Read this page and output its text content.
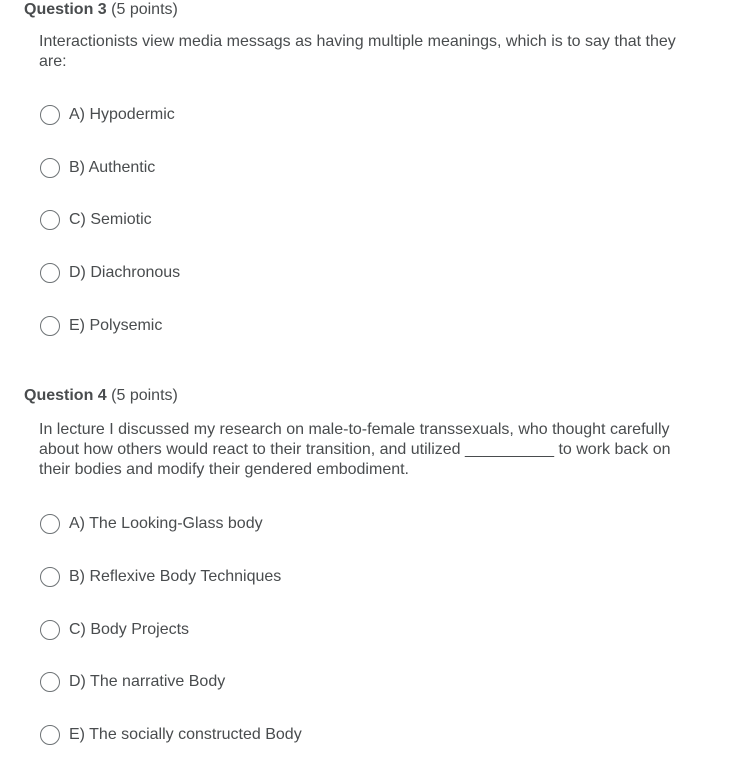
Question 3 (5 points)
Interactionists view media messags as having multiple meanings, which is to say that they are:
A) Hypodermic
B) Authentic
C) Semiotic
D) Diachronous
E) Polysemic
Question 4 (5 points)
In lecture I discussed my research on male-to-female transsexuals, who thought carefully about how others would react to their transition, and utilized __________ to work back on their bodies and modify their gendered embodiment.
A) The Looking-Glass body
B) Reflexive Body Techniques
C) Body Projects
D) The narrative Body
E) The socially constructed Body
